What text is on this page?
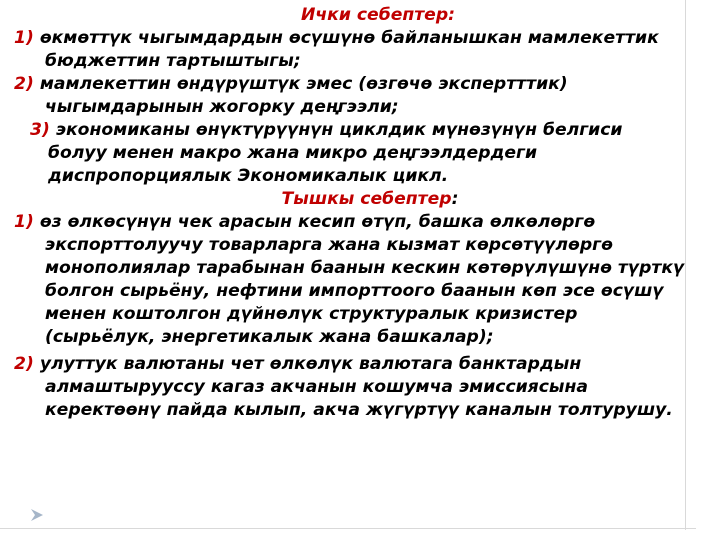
Ички себептер:

1) өкмөттүк чыгымдардын өсүшүнө байланышкан мамлекеттик бюджеттин тартыштыгы;

2) мамлекеттин өндүрүштүк эмес (өзгөчө экспертттик) чыгымдарынын жогорку деңгээли;

3) экономиканы өнүктүрүүнүн циклдик мүнөзүнүн белгиси болуу менен макро жана микро деңгээлдердеги диспропорциялык Экономикалык цикл.

Тышкы себептер:

1) өз өлкөсүнүн чек арасын кесип өтүп, башка өлкөлөргө экспорттолуучу товарларга жана кызмат көрсөтүүлөргө монополиялар тарабынан баанын кескин көтөрүлүшүнө түрткү болгон сырьёну, нефтини импорттоого баанын көп эсе өсүшү менен коштолгон дүйнөлүк структуралык кризистер (сырьёлук, энергетикалык жана башкалар);

2) улуттук валютаны чет өлкөлүк валютага банктардын алмаштырууссу кагаз акчанын кошумча эмиссиясына керектөөнү пайда кылып, акча жүгүртүү каналын толтурушу.
